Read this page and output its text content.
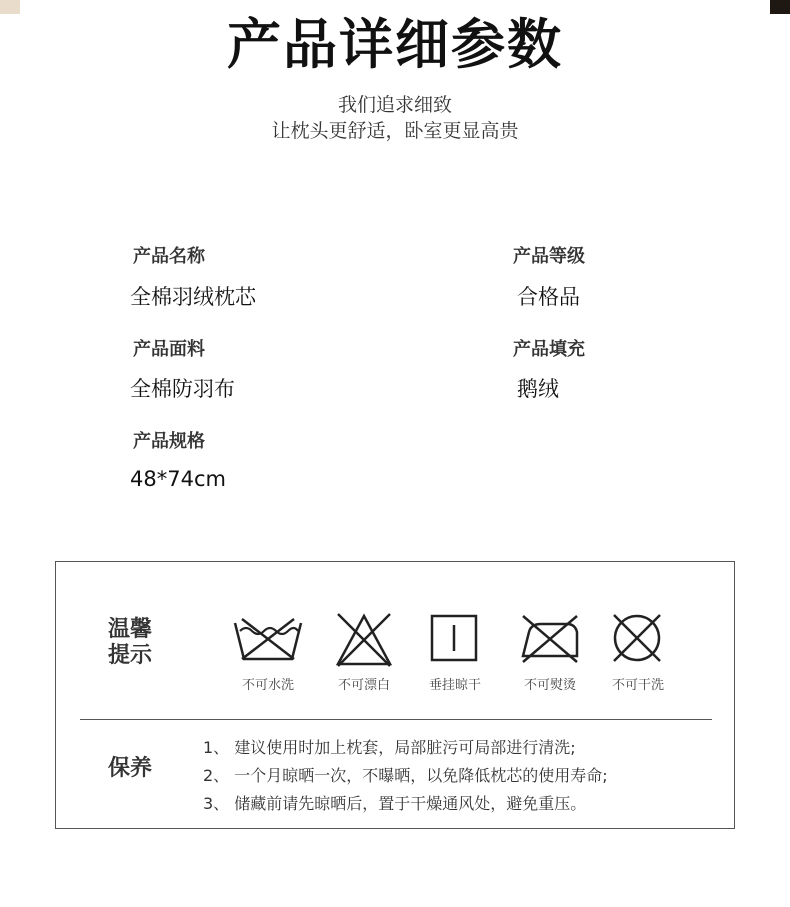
产品详细参数
我们追求细致
让枕头更舒适，卧室更显高贵
产品名称
全棉羽绒枕芯
产品等级
合格品
产品面料
全棉防羽布
产品填充
鹅绒
产品规格
48*74cm
温馨
提示
不可水洗	不可漂白	垂挂晾干	不可熨烫	不可干洗
保养
1、 建议使用时加上枕套，局部脏污可局部进行清洗;
2、 一个月晾晒一次，不曝晒，以免降低枕芯的使用寿命;
3、 储藏前请先晾晒后，置于干燥通风处，避免重压。
